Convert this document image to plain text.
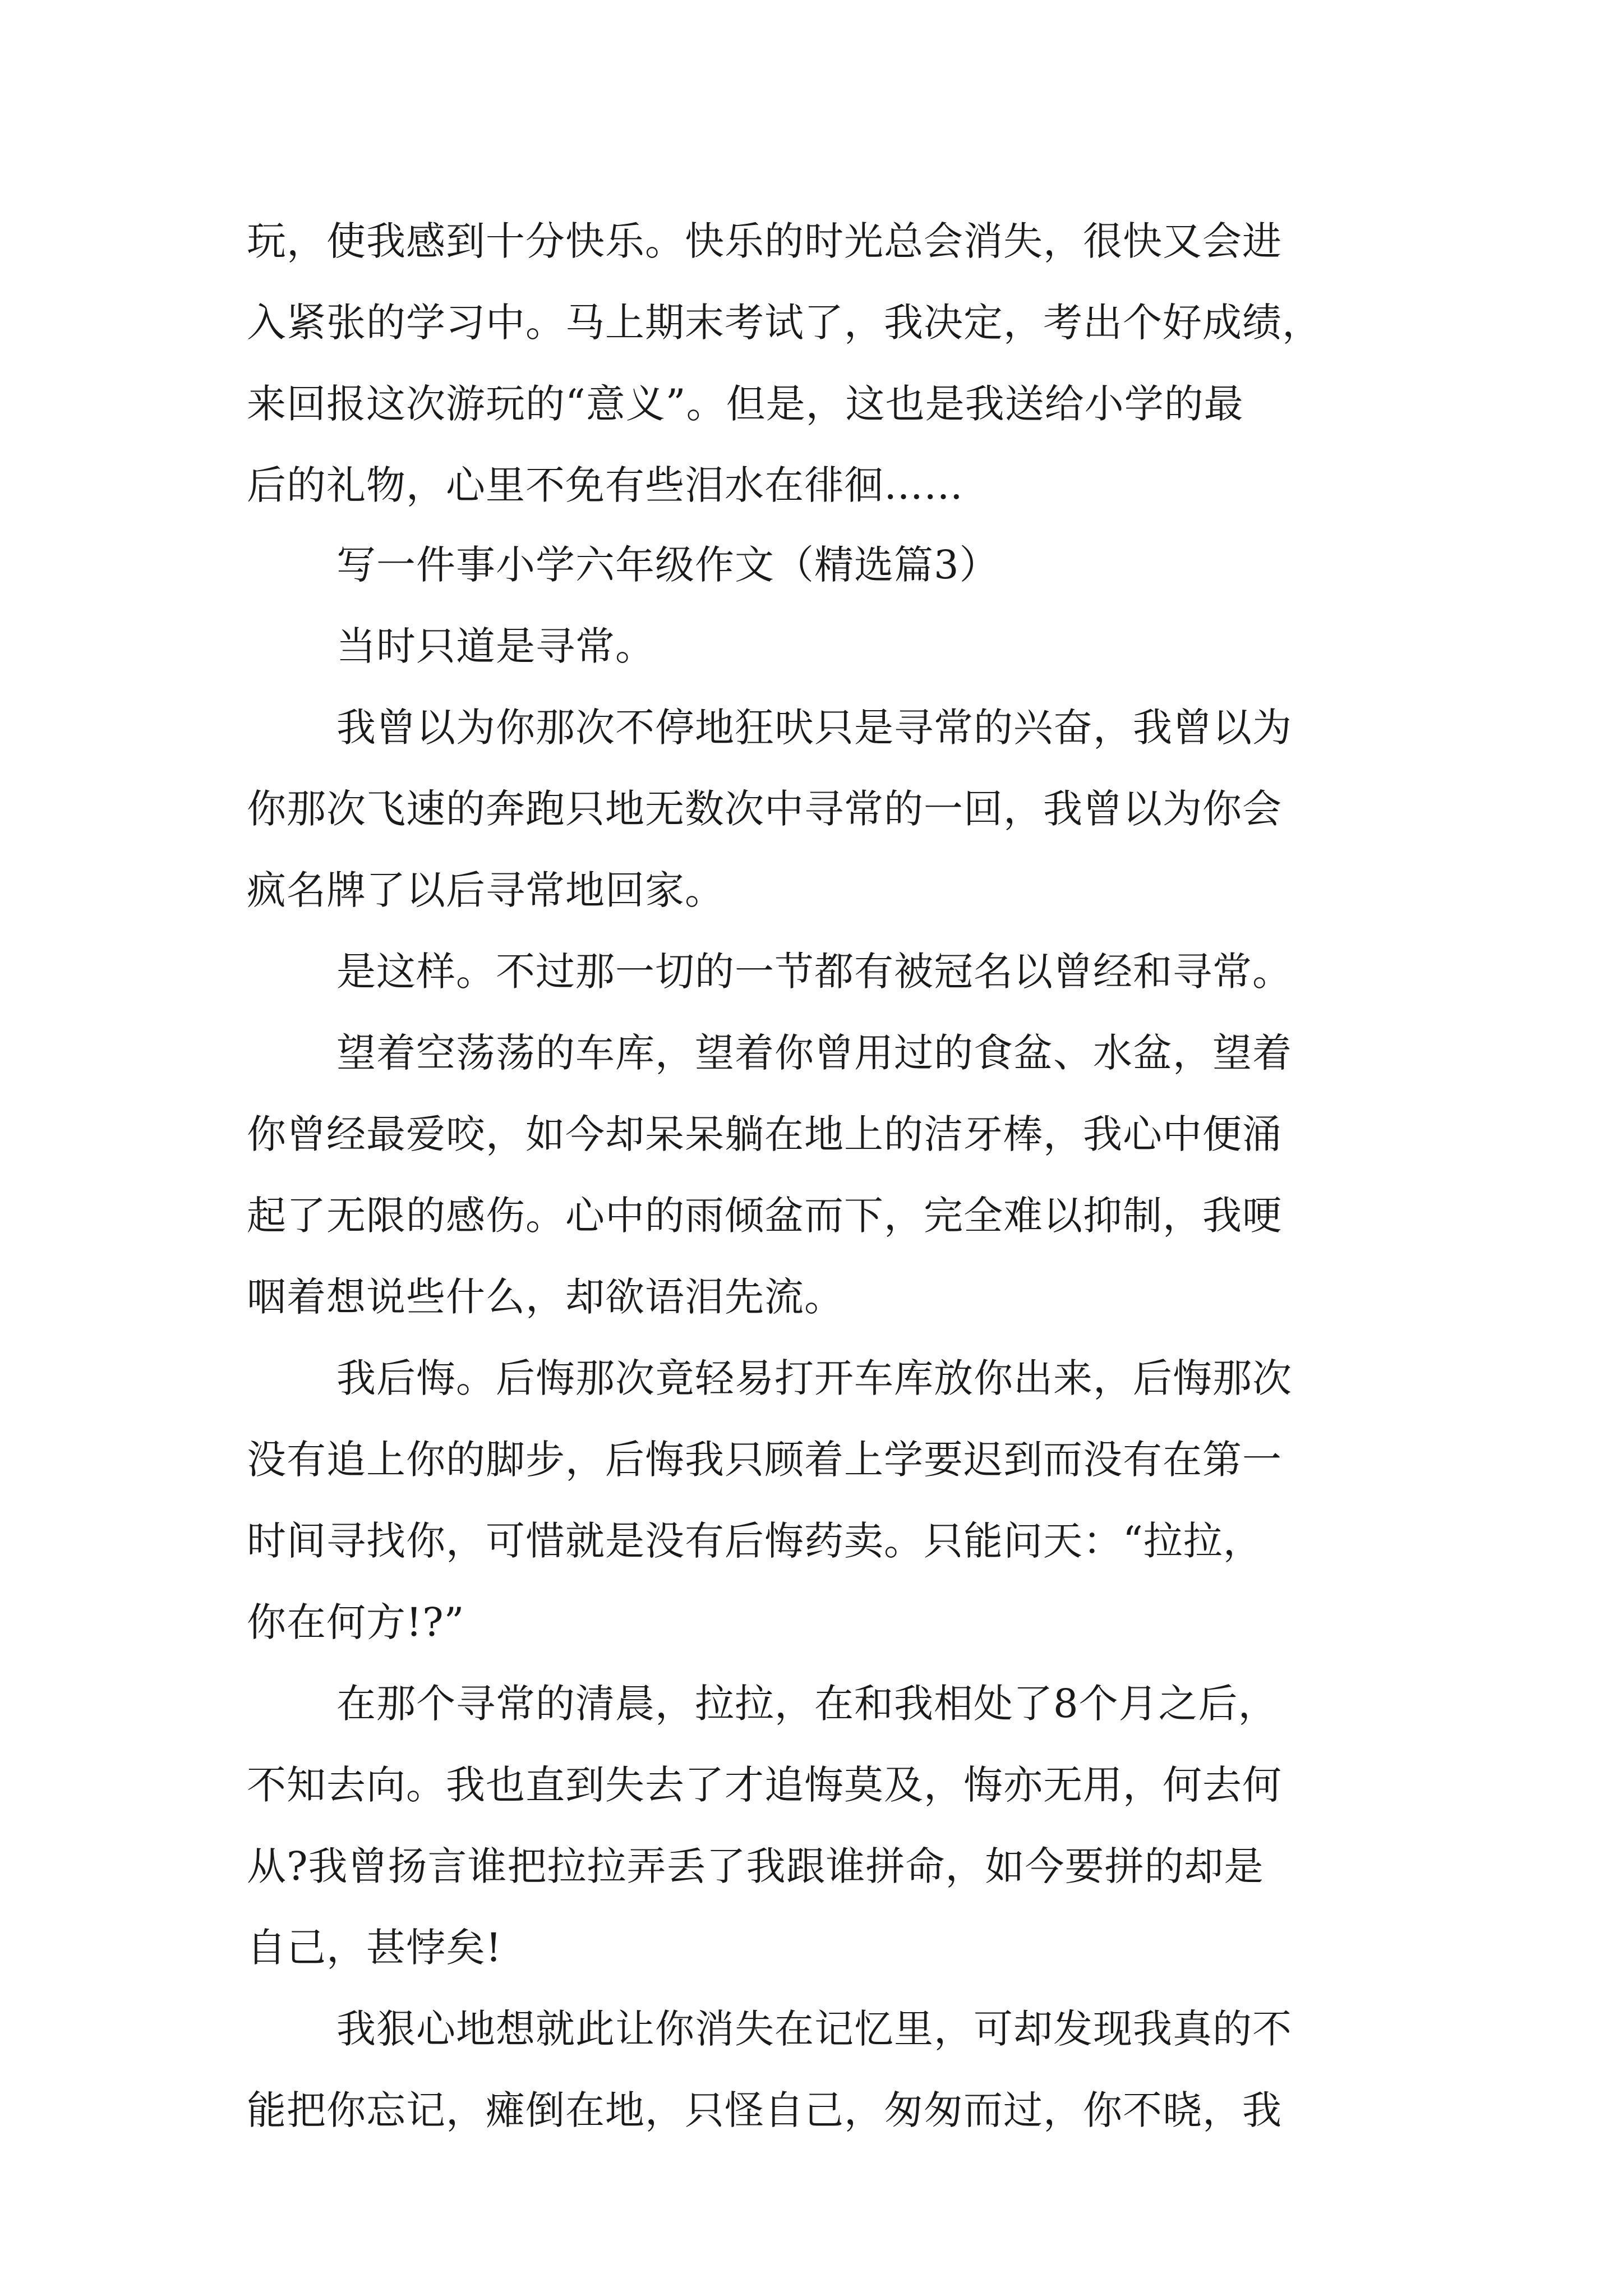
玩，使我感到十分快乐。快乐的时光总会消失，很快又会进
入紧张的学习中。马上期末考试了，我决定，考出个好成绩，
来回报这次游玩的“意义”。但是，这也是我送给小学的最
后的礼物，心里不免有些泪水在徘徊……
写一件事小学六年级作文（精选篇3）
当时只道是寻常。
我曾以为你那次不停地狂吠只是寻常的兴奋，我曾以为
你那次飞速的奔跑只地无数次中寻常的一回，我曾以为你会
疯名牌了以后寻常地回家。
是这样。不过那一切的一节都有被冠名以曾经和寻常。
望着空荡荡的车库，望着你曾用过的食盆、水盆，望着
你曾经最爱咬，如今却呆呆躺在地上的洁牙棒，我心中便涌
起了无限的感伤。心中的雨倾盆而下，完全难以抑制，我哽
咽着想说些什么，却欲语泪先流。
我后悔。后悔那次竟轻易打开车库放你出来，后悔那次
没有追上你的脚步，后悔我只顾着上学要迟到而没有在第一
时间寻找你，可惜就是没有后悔药卖。只能问天：“拉拉，
你在何方!?”
在那个寻常的清晨，拉拉，在和我相处了8个月之后，
不知去向。我也直到失去了才追悔莫及，悔亦无用，何去何
从?我曾扬言谁把拉拉弄丢了我跟谁拼命，如今要拼的却是
自己，甚悖矣!
我狠心地想就此让你消失在记忆里，可却发现我真的不
能把你忘记，瘫倒在地，只怪自己，匆匆而过，你不晓，我
